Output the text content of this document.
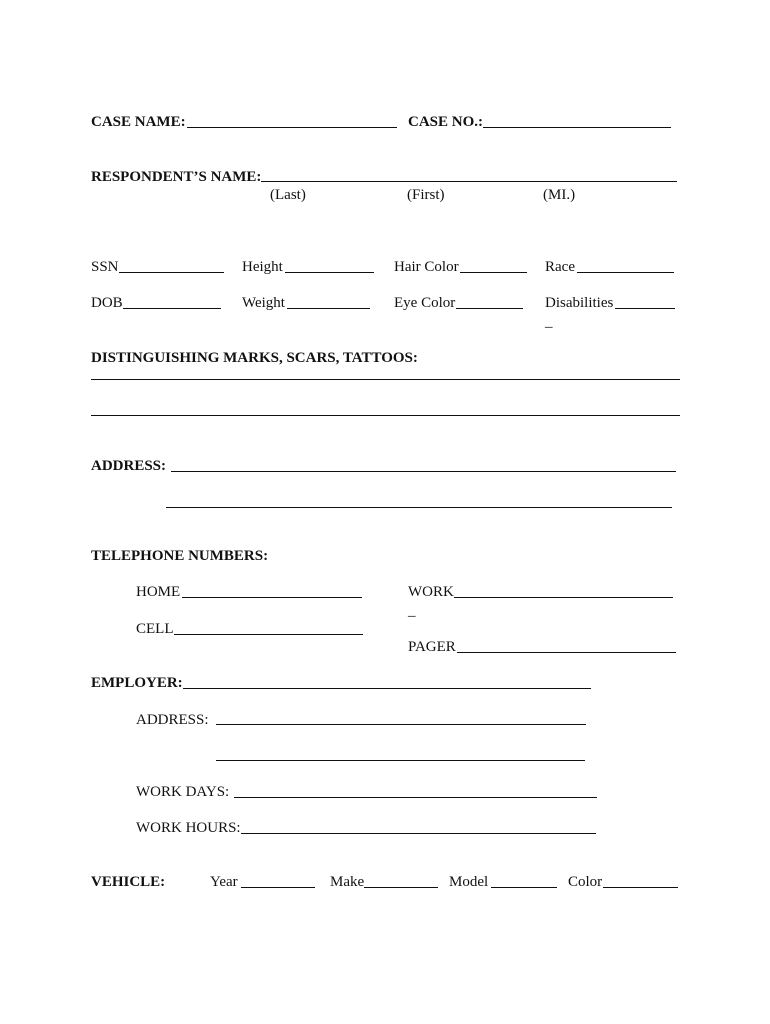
CASE NAME:	CASE NO.:
RESPONDENT’S NAME:
(Last)	(First)	(MI.)
SSN	Height	Hair Color	Race
DOB	Weight	Eye Color	Disabilities
_
DISTINGUISHING MARKS, SCARS, TATTOOS:
ADDRESS:
TELEPHONE NUMBERS:
HOME	WORK
_
CELL
PAGER
EMPLOYER:
ADDRESS:
WORK DAYS:
WORK HOURS:
VEHICLE:	Year	Make	Model	Color
